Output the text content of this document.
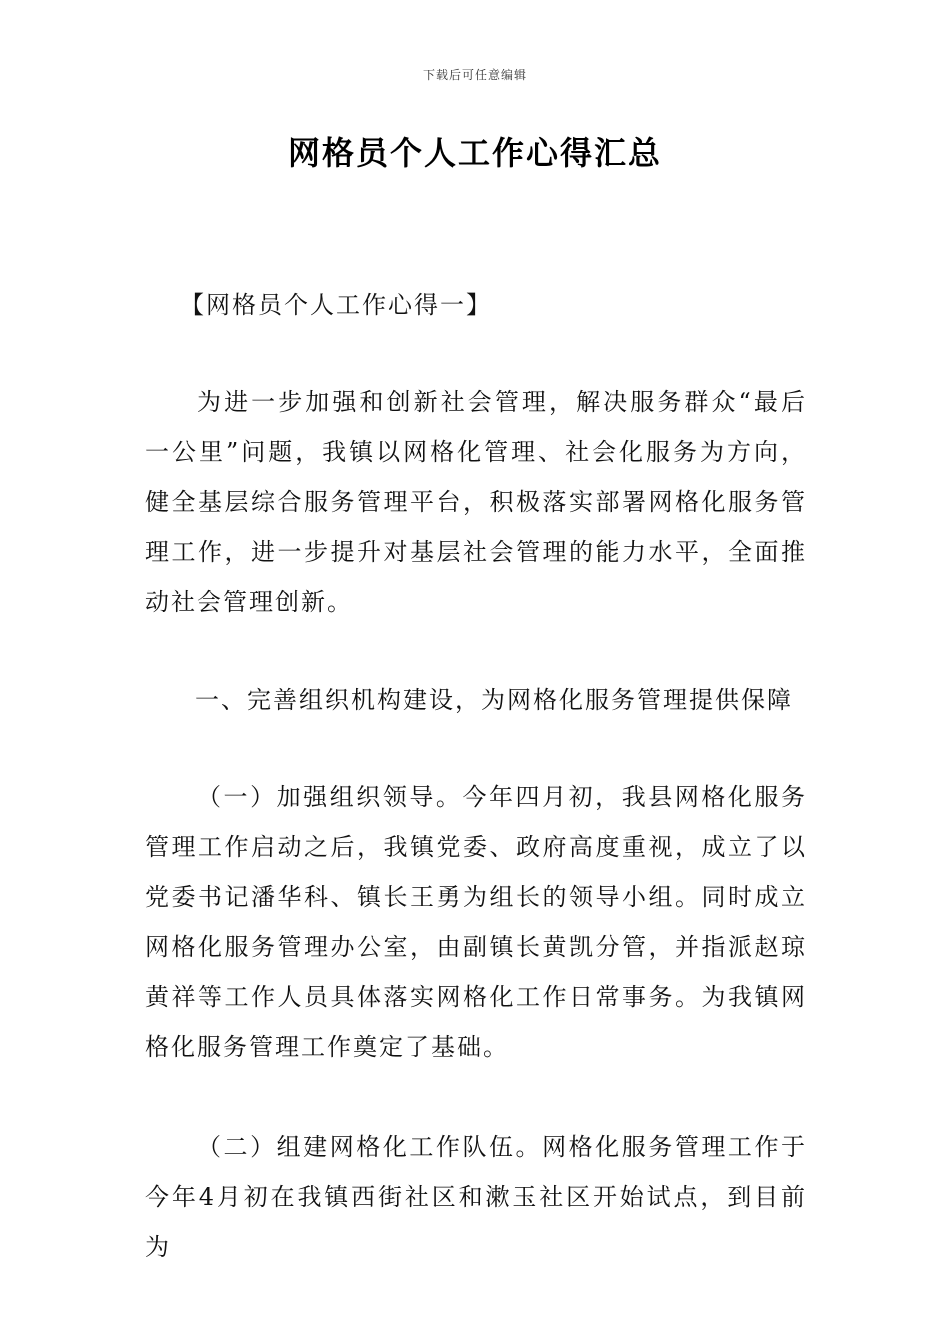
下载后可任意编辑
网格员个人工作心得汇总

【网格员个人工作心得一】

为进一步加强和创新社会管理，解决服务群众“最后一公里”问题，我镇以网格化管理、社会化服务为方向，健全基层综合服务管理平台，积极落实部署网格化服务管理工作，进一步提升对基层社会管理的能力水平，全面推动社会管理创新。

一、完善组织机构建设，为网格化服务管理提供保障

（一）加强组织领导。今年四月初，我县网格化服务管理工作启动之后，我镇党委、政府高度重视，成立了以党委书记潘华科、镇长王勇为组长的领导小组。同时成立网格化服务管理办公室，由副镇长黄凯分管，并指派赵琼黄祥等工作人员具体落实网格化工作日常事务。为我镇网格化服务管理工作奠定了基础。

（二）组建网格化工作队伍。网格化服务管理工作于今年4月初在我镇西街社区和漱玉社区开始试点，到目前为
